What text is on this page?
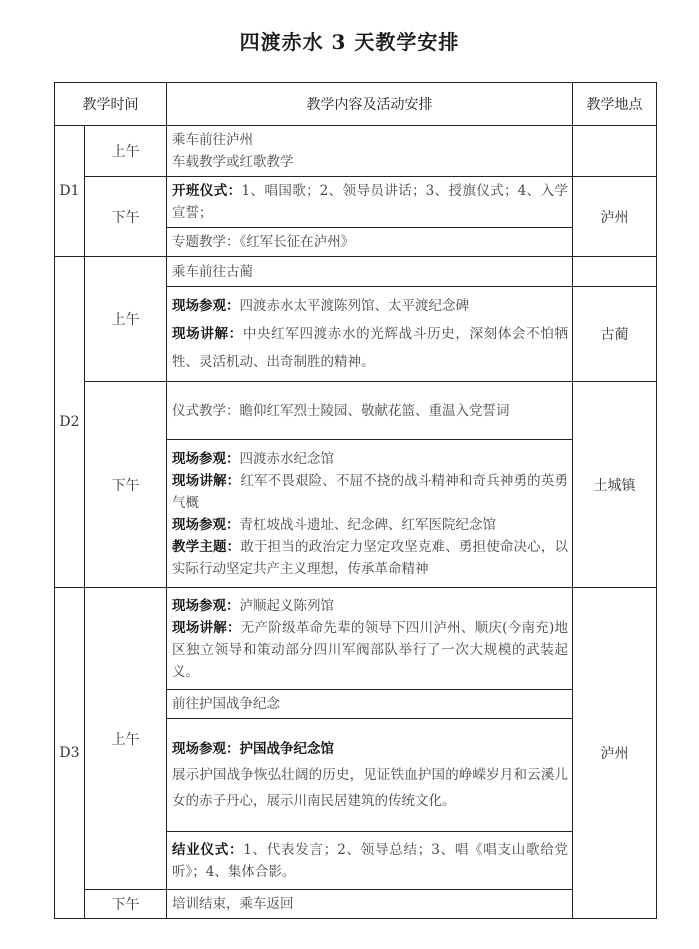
四渡赤水 3 天教学安排
教学时间		教学内容及活动安排	教学地点
D1	上午	乘车前往泸州
车载教学或红歌教学	

	下午	开班仪式：1、唱国歌；2、领导员讲话；3、授旗仪式；4、入学宣誓；	泸州
		专题教学：《红军长征在泸州》	
D2	上午	乘车前往古蔺	

		现场参观：四渡赤水太平渡陈列馆、太平渡纪念碑
现场讲解：中央红军四渡赤水的光辉战斗历史，深刻体会不怕牺牲、灵活机动、出奇制胜的精神。	古蔺
	下午	仪式教学：瞻仰红军烈士陵园、敬献花篮、重温入党誓词	土城镇

		现场参观：四渡赤水纪念馆
现场讲解：红军不畏艰险、不屈不挠的战斗精神和奇兵神勇的英勇气概
现场参观：青杠坡战斗遗址、纪念碑、红军医院纪念馆
教学主题：敢于担当的政治定力坚定攻坚克难、勇担使命决心，以实际行动坚定共产主义理想，传承革命精神	

D3	上午	现场参观：泸顺起义陈列馆
现场讲解：无产阶级革命先辈的领导下四川泸州、顺庆(今南充)地区独立领导和策动部分四川军阀部队举行了一次大规模的武装起义。	泸州
		前往护国战争纪念	

		现场参观：护国战争纪念馆
展示护国战争恢弘壮阔的历史，见证铁血护国的峥嵘岁月和云溪儿女的赤子丹心，展示川南民居建筑的传统文化。	

		结业仪式：1、代表发言；2、领导总结；3、唱《唱支山歌给党听》；4、集体合影。	
	下午	培训结束，乘车返回	
